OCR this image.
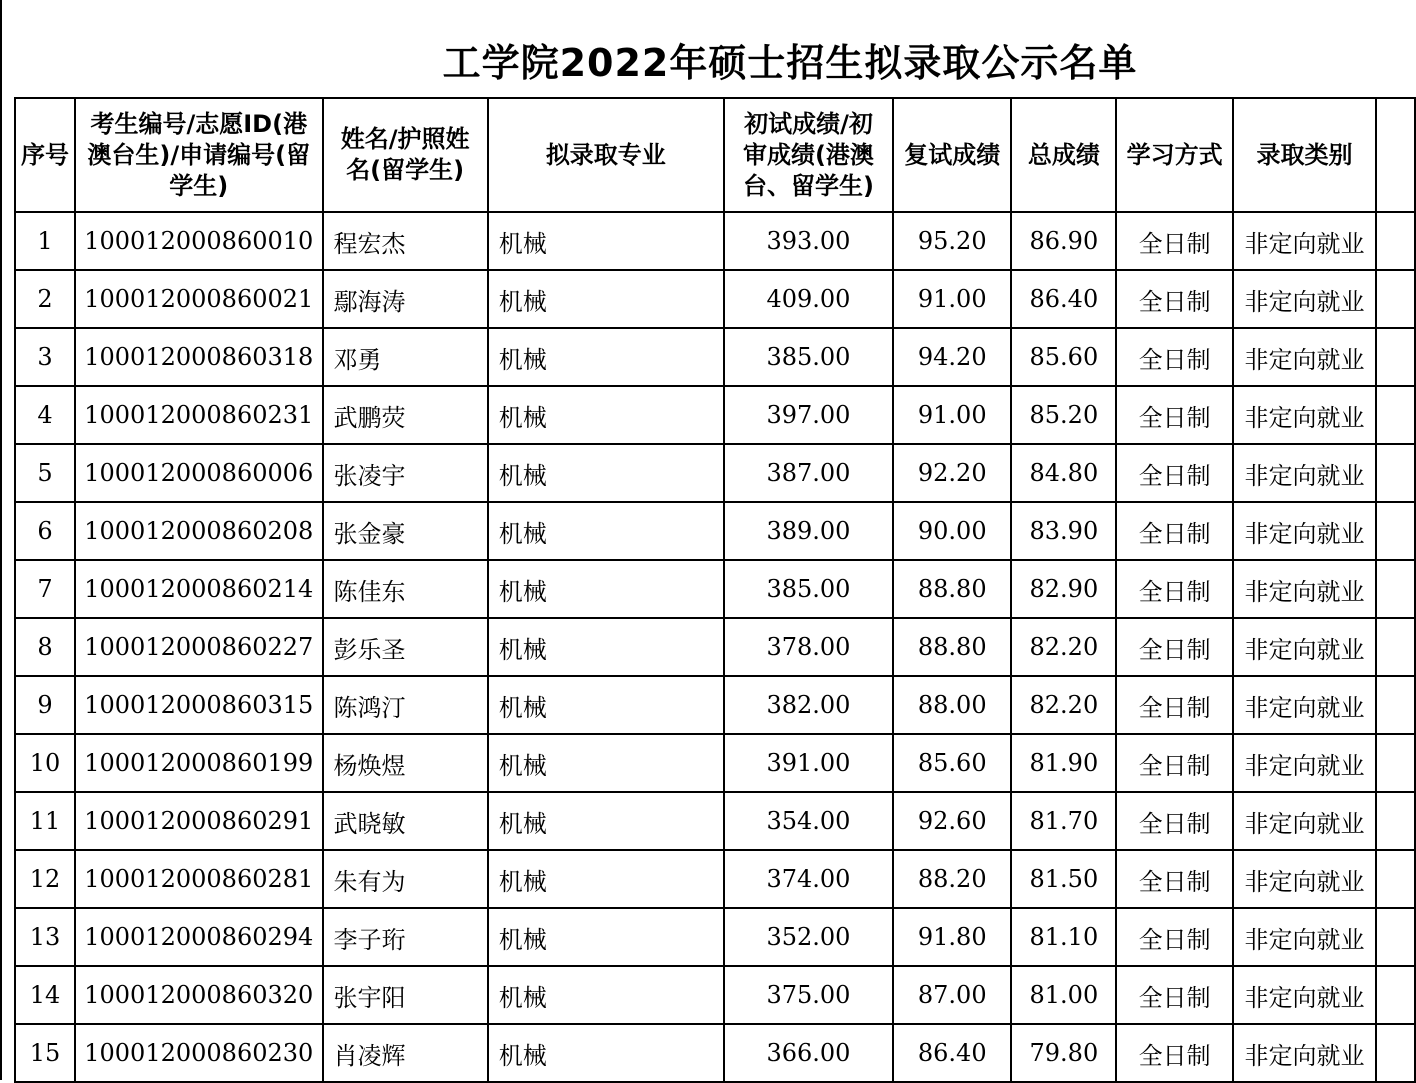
工学院2022年硕士招生拟录取公示名单
序号	考生编号/志愿ID(港
澳台生)/申请编号(留
学生)	姓名/护照姓
名(留学生)	拟录取专业	初试成绩/初
审成绩(港澳
台、留学生)	复试成绩	总成绩	学习方式	录取类别	
1	100012000860010	程宏杰	机械	393.00	95.20	86.90	全日制	非定向就业	
2	100012000860021	鄢海涛	机械	409.00	91.00	86.40	全日制	非定向就业	
3	100012000860318	邓勇	机械	385.00	94.20	85.60	全日制	非定向就业	
4	100012000860231	武鹏荧	机械	397.00	91.00	85.20	全日制	非定向就业	
5	100012000860006	张凌宇	机械	387.00	92.20	84.80	全日制	非定向就业	
6	100012000860208	张金豪	机械	389.00	90.00	83.90	全日制	非定向就业	
7	100012000860214	陈佳东	机械	385.00	88.80	82.90	全日制	非定向就业	
8	100012000860227	彭乐圣	机械	378.00	88.80	82.20	全日制	非定向就业	
9	100012000860315	陈鸿汀	机械	382.00	88.00	82.20	全日制	非定向就业	
10	100012000860199	杨焕煜	机械	391.00	85.60	81.90	全日制	非定向就业	
11	100012000860291	武晓敏	机械	354.00	92.60	81.70	全日制	非定向就业	
12	100012000860281	朱有为	机械	374.00	88.20	81.50	全日制	非定向就业	
13	100012000860294	李子珩	机械	352.00	91.80	81.10	全日制	非定向就业	
14	100012000860320	张宇阳	机械	375.00	87.00	81.00	全日制	非定向就业	
15	100012000860230	肖凌辉	机械	366.00	86.40	79.80	全日制	非定向就业	
